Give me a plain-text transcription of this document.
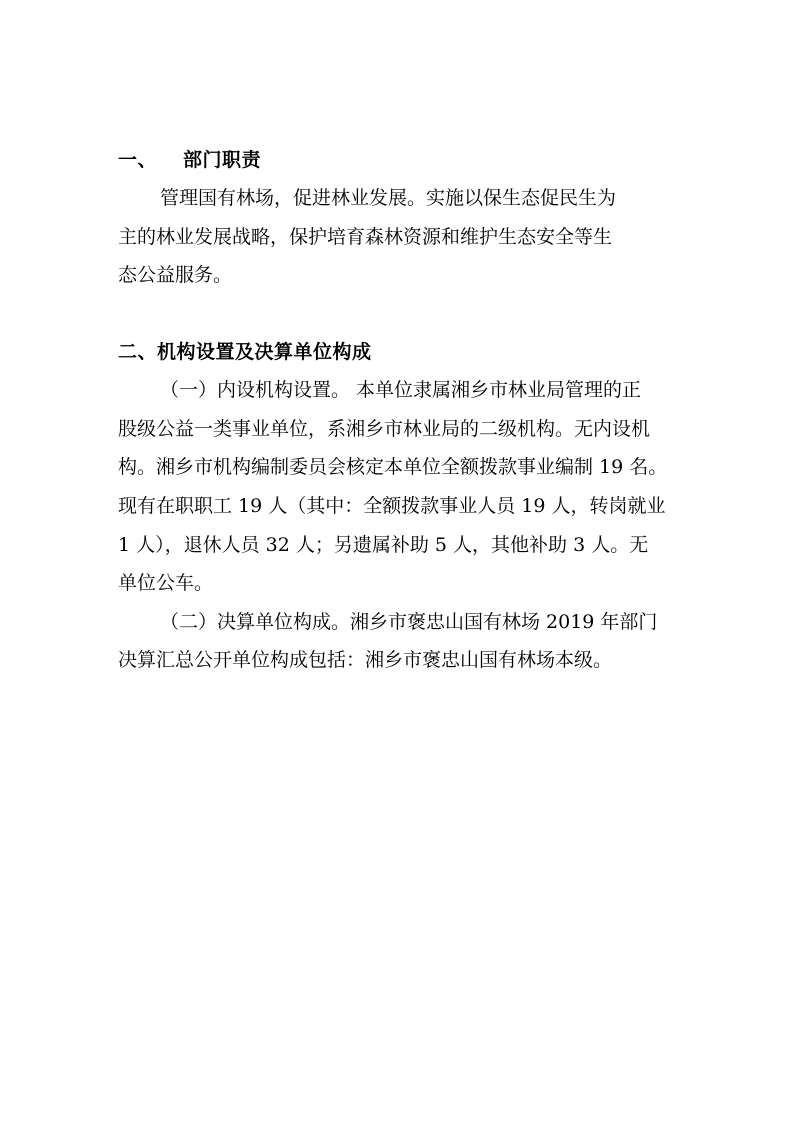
一、 部门职责
管理国有林场，促进林业发展。实施以保生态促民生为
主的林业发展战略，保护培育森林资源和维护生态安全等生
态公益服务。
二、机构设置及决算单位构成
（一）内设机构设置。 本单位隶属湘乡市林业局管理的正
股级公益一类事业单位，系湘乡市林业局的二级机构。无内设机
构。湘乡市机构编制委员会核定本单位全额拨款事业编制 19 名。
现有在职职工 19 人（其中：全额拨款事业人员 19 人，转岗就业
1 人），退休人员 32 人；另遗属补助 5 人，其他补助 3 人。无
单位公车。
（二）决算单位构成。湘乡市褒忠山国有林场 2019 年部门
决算汇总公开单位构成包括：湘乡市褒忠山国有林场本级。
